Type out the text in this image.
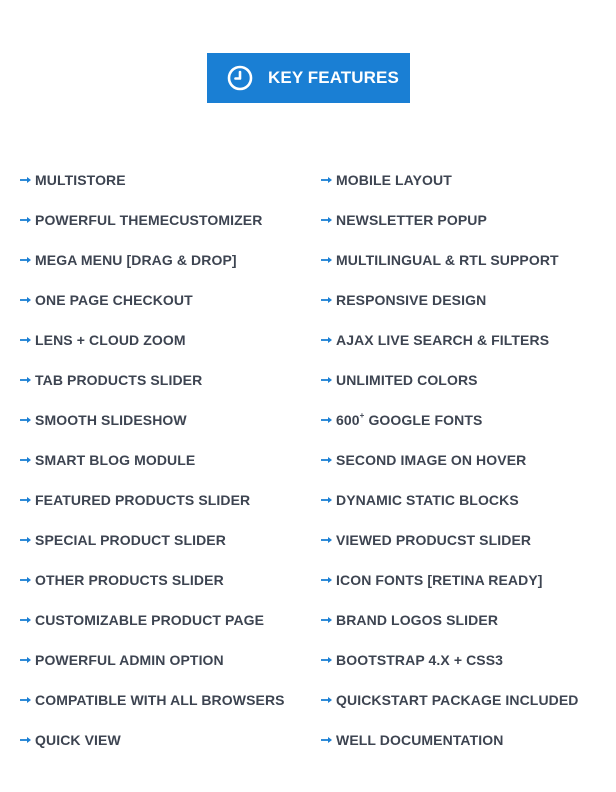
KEY FEATURES
MULTISTORE
POWERFUL THEMECUSTOMIZER
MEGA MENU [DRAG & DROP]
ONE PAGE CHECKOUT
LENS + CLOUD ZOOM
TAB PRODUCTS SLIDER
SMOOTH SLIDESHOW
SMART BLOG MODULE
FEATURED PRODUCTS SLIDER
SPECIAL PRODUCT SLIDER
OTHER PRODUCTS SLIDER
CUSTOMIZABLE PRODUCT PAGE
POWERFUL ADMIN OPTION
COMPATIBLE WITH ALL BROWSERS
QUICK VIEW
MOBILE LAYOUT
NEWSLETTER POPUP
MULTILINGUAL & RTL SUPPORT
RESPONSIVE DESIGN
AJAX LIVE SEARCH & FILTERS
UNLIMITED COLORS
600+ GOOGLE FONTS
SECOND IMAGE ON HOVER
DYNAMIC STATIC BLOCKS
VIEWED PRODUCST SLIDER
ICON FONTS [RETINA READY]
BRAND LOGOS SLIDER
BOOTSTRAP 4.X + CSS3
QUICKSTART PACKAGE INCLUDED
WELL DOCUMENTATION
